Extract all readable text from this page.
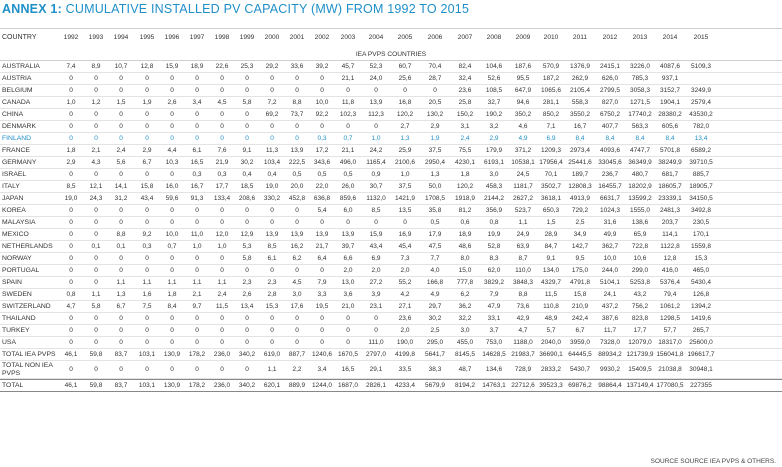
ANNEX 1: CUMULATIVE INSTALLED PV CAPACITY (MW) FROM 1992 TO 2015
COUNTRY	1992	1993	1994	1995	1996	1997	1998	1999	2000	2001	2002	2003	2004	2005	2006	2007	2008	2009	2010	2011	2012	2013	2014	2015
IEA PVPS COUNTRIES
AUSTRALIA	7,4	8,9	10,7	12,8	15,9	18,9	22,6	25,3	29,2	33,6	39,2	45,7	52,3	60,7	70,4	82,4	104,6	187,6	570,9	1376,9	2415,1	3226,0	4087,6	5109,3
AUSTRIA	0	0	0	0	0	0	0	0	0	0	0	21,1	24,0	25,6	28,7	32,4	52,6	95,5	187,2	262,9	626,0	785,3	937,1
BELGIUM	0	0	0	0	0	0	0	0	0	0	0	0	0	0	0	23,6	108,5	647,9	1065,6	2105,4	2799,5	3058,3	3152,7	3249,9
CANADA	1,0	1,2	1,5	1,9	2,6	3,4	4,5	5,8	7,2	8,8	10,0	11,8	13,9	16,8	20,5	25,8	32,7	94,6	281,1	558,3	827,0	1271,5	1904,1	2579,4
CHINA	0	0	0	0	0	0	0	0	69,2	73,7	92,2	102,3	112,3	120,2	130,2	150,2	190,2	350,2	850,2	3550,2	6750,2	17740,2	28380,2	43530,2
DENMARK	0	0	0	0	0	0	0	0	0	0	0	0	0	2,7	2,9	3,1	3,2	4,6	7,1	16,7	407,7	563,3	605,6	782,0
FINLAND	0	0	0	0	0	0	0	0	0	0	0,3	0,7	1,0	1,3	1,9	2,4	2,9	4,9	6,9	8,4	8,4	8,4	8,4	13,4
FRANCE	1,8	2,1	2,4	2,9	4,4	6,1	7,6	9,1	11,3	13,9	17,2	21,1	24,2	25,9	37,5	75,5	179,9	371,2	1209,3	2973,4	4093,6	4747,7	5701,8	6589,2
GERMANY	2,9	4,3	5,6	6,7	10,3	16,5	21,9	30,2	103,4	222,5	343,6	496,0	1165,4	2100,6	2950,4	4230,1	6193,1	10538,1 17956,4 25441,6	33045,6	36349,9	38249,9	39710,5
ISRAEL	0	0	0	0	0	0,3	0,3	0,4	0,4	0,5	0,5	0,5	0,9	1,0	1,3	1,8	3,0	24,5	70,1	189,7	236,7	480,7	681,7	885,7
ITALY	8,5	12,1	14,1	15,8	16,0	16,7	17,7	18,5	19,0	20,0	22,0	26,0	30,7	37,5	50,0	120,2	458,3	1181,7	3502,7	12808,3	16455,7	18202,9	18605,7	18905,7
JAPAN	19,0	24,3	31,2	43,4	59,6	91,3	133,4	208,6	330,2	452,8	636,8	859,6	1132,0	1421,9	1708,5	1918,9	2144,2	2627,2	3618,1	4913,9	6631,7	13599,2	23339,1	34150,5
KOREA	0	0	0	0	0	0	0	0	0	0	5,4	6,0	8,5	13,5	35,8	81,2	356,9	523,7	650,3	729,2	1024,3	1555,0	2481,3	3492,8
MALAYSIA	0	0	0	0	0	0	0	0	0	0	0	0	0	0	0,5	0,6	0,8	1,1	1,5	2,5	31,6	138,6	203,7	230,5
MEXICO	0	0	8,8	9,2	10,0	11,0	12,0	12,9	13,9	13,9	13,9	13,9	15,9	16,9	17,9	18,9	19,9	24,9	28,9	34,9	49,9	65,9	114,1	170,1
NETHERLANDS	0	0,1	0,1	0,3	0,7	1,0	1,0	5,3	8,5	16,2	21,7	39,7	43,4	45,4	47,5	48,6	52,8	63,9	84,7	142,7	362,7	722,8	1122,8	1559,8
NORWAY	0	0	0	0	0	0	0	5,8	6,1	6,2	6,4	6,6	6,9	7,3	7,7	8,0	8,3	8,7	9,1	9,5	10,0	10,6	12,8	15,3
PORTUGAL	0	0	0	0	0	0	0	0	0	0	0	2,0	2,0	2,0	4,0	15,0	62,0	110,0	134,0	175,0	244,0	299,0	416,0	465,0
SPAIN	0	0	1,1	1,1	1,1	1,1	1,1	2,3	2,3	4,5	7,9	13,0	27,2	55,2	166,8	777,8	3829,2	3848,3	4329,7	4791,8	5104,1	5253,8	5376,4	5430,4
SWEDEN	0,8	1,1	1,3	1,6	1,8	2,1	2,4	2,6	2,8	3,0	3,3	3,6	3,9	4,2	4,9	6,2	7,9	8,8	11,5	15,8	24,1	43,2	79,4	126,8
SWITZERLAND	4,7	5,8	6,7	7,5	8,4	9,7	11,5	13,4	15,3	17,6	19,5	21,0	23,1	27,1	29,7	36,2	47,9	73,6	110,8	210,9	437,2	756,2	1061,2	1394,2
THAILAND	0	0	0	0	0	0	0	0	0	0	0	0	0	23,6	30,2	32,2	33,1	42,9	48,9	242,4	387,6	823,8	1298,5	1419,6
TURKEY	0	0	0	0	0	0	0	0	0	0	0	0	0	2,0	2,5	3,0	3,7	4,7	5,7	6,7	11,7	17,7	57,7	265,7
USA	0	0	0	0	0	0	0	0	0	0	0	0	111,0	190,0	295,0	455,0	753,0	1188,0	2040,0	3959,0	7328,0	12079,0	18317,0	25600,0
TOTAL IEA PVPS	46,1	59,8	83,7	103,1	130,9	178,2	236,0	340,2	619,0	887,7	1240,6 1670,5	2797,0	4199,8	5641,7	8145,5	14628,5 21983,7 36690,1 64445,5	88934,2 121739,9 156041,8 196617,7
TOTAL NON IEA PVPS	0	0	0	0	0	0	0	0	1,1	2,2	3,4	16,5	29,1	33,5	38,3	48,7	134,6	728,9	2833,2	5430,7	9930,2	15409,5	21038,8	30948,1
TOTAL	46,1	59,8	83,7	103,1	130,9	178,2	236,0	340,2	620,1	889,9	1244,0 1687,0	2826,1	4233,4	5679,9	8194,2	14763,1 22712,6 39523,3 69876,2	98864,4 137149,4 177080,5	227355
SOURCE SOURCE IEA PVPS & OTHERS.
